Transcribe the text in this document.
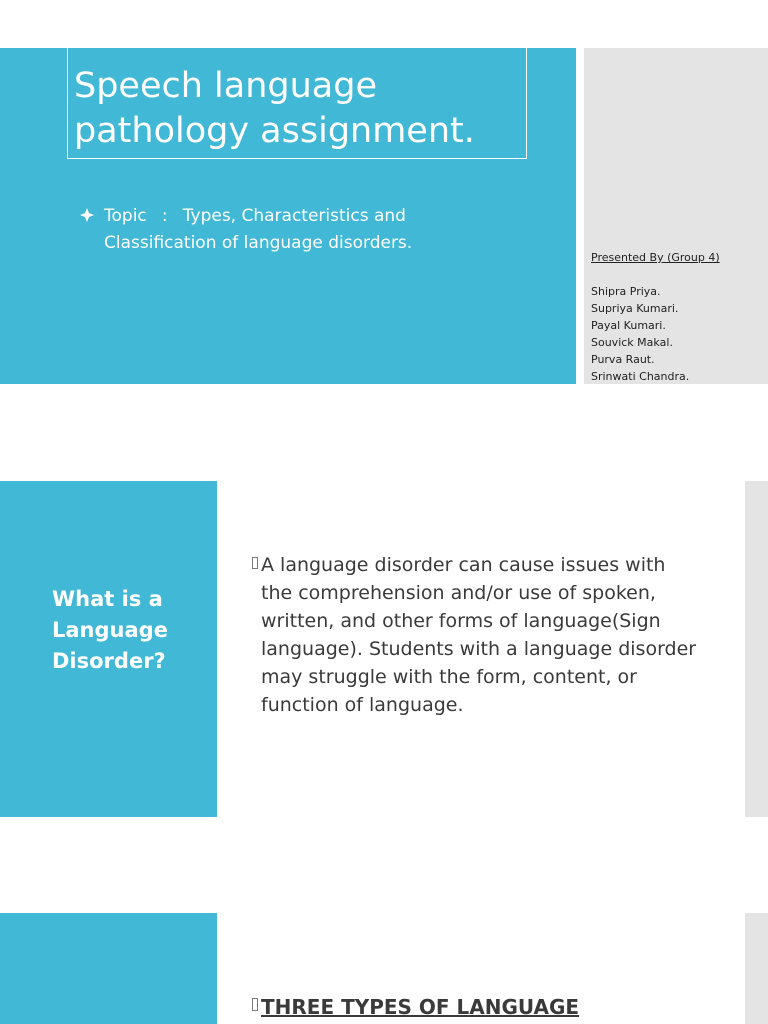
Speech language
pathology assignment.
Topic : Types, Characteristics and
Classification of language disorders.
Presented By (Group 4)
Shipra Priya.
Supriya Kumari.
Payal Kumari.
Souvick Makal.
Purva Raut.
Srinwati Chandra.
What is a Language Disorder?

A language disorder can cause issues with the comprehension and/or use of spoken, written, and other forms of language(Sign language). Students with a language disorder may struggle with the form, content, or function of language.

THREE TYPES OF LANGUAGE
